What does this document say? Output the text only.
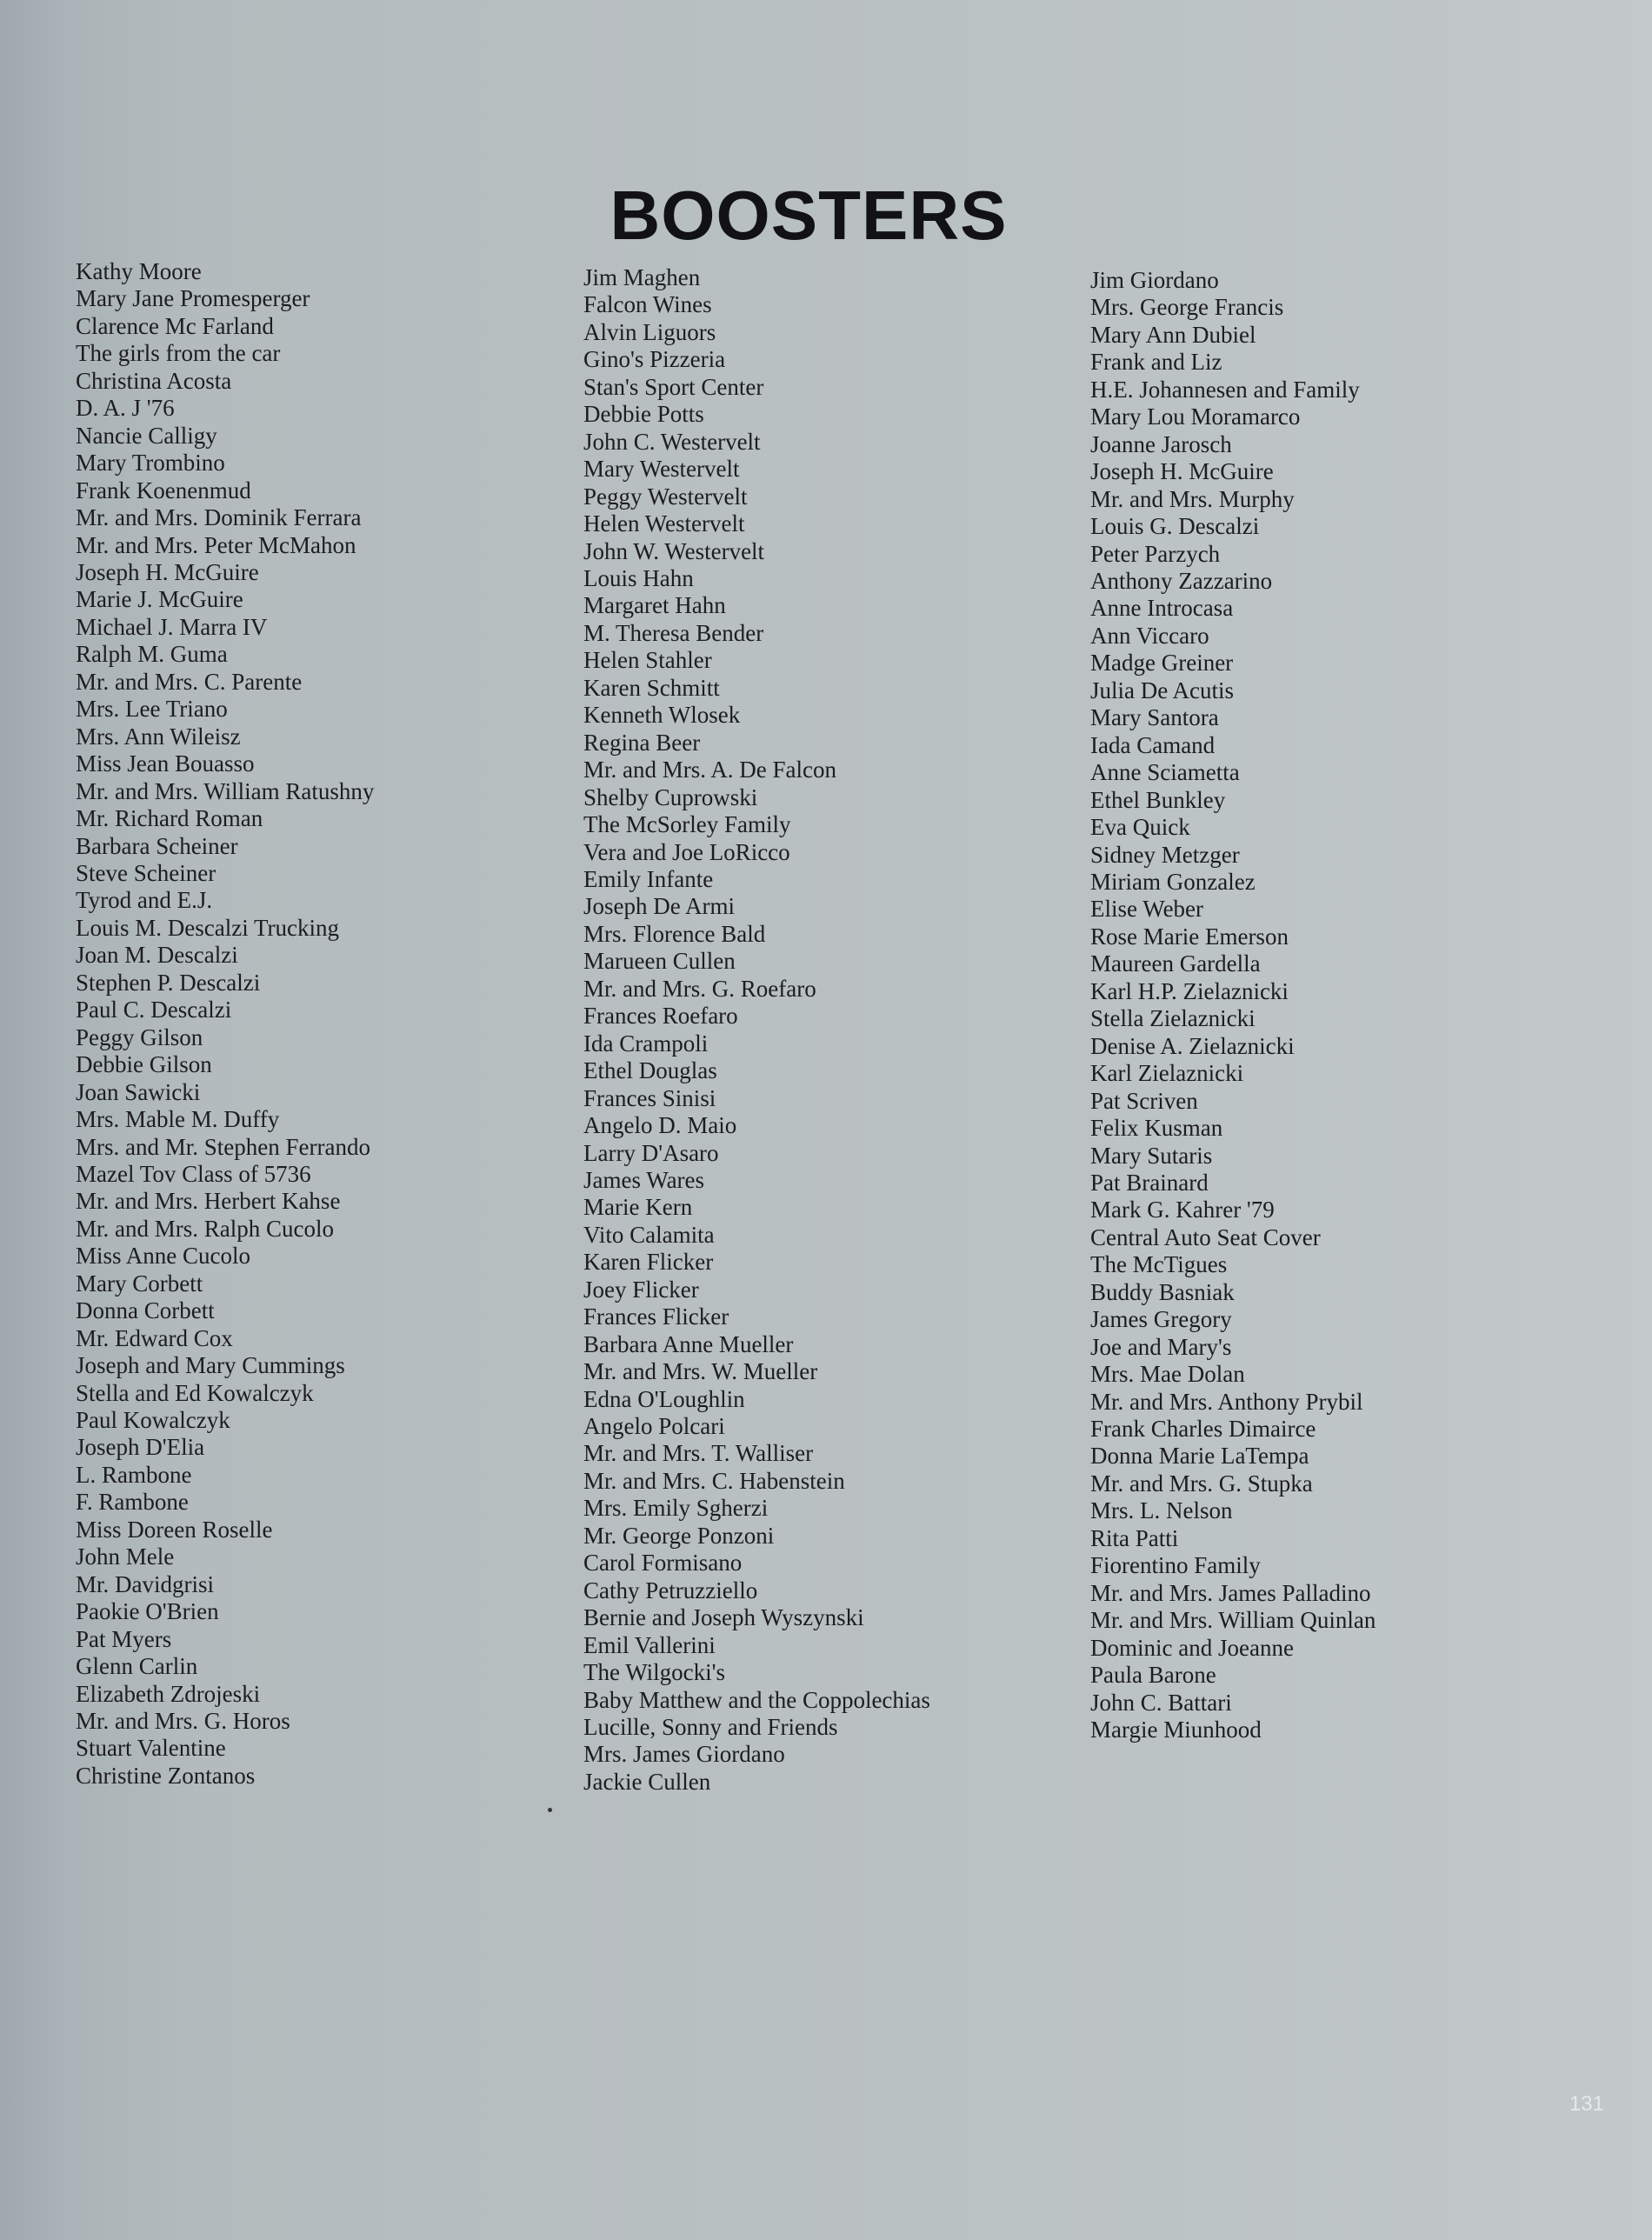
BOOSTERS
Kathy Moore
Mary Jane Promesperger
Clarence Mc Farland
The girls from the car
Christina Acosta
D. A. J '76
Nancie Calligy
Mary Trombino
Frank Koenenmud
Mr. and Mrs. Dominik Ferrara
Mr. and Mrs. Peter McMahon
Joseph H. McGuire
Marie J. McGuire
Michael J. Marra IV
Ralph M. Guma
Mr. and Mrs. C. Parente
Mrs. Lee Triano
Mrs. Ann Wileisz
Miss Jean Bouasso
Mr. and Mrs. William Ratushny
Mr. Richard Roman
Barbara Scheiner
Steve Scheiner
Tyrod and E.J.
Louis M. Descalzi Trucking
Joan M. Descalzi
Stephen P. Descalzi
Paul C. Descalzi
Peggy Gilson
Debbie Gilson
Joan Sawicki
Mrs. Mable M. Duffy
Mrs. and Mr. Stephen Ferrando
Mazel Tov Class of 5736
Mr. and Mrs. Herbert Kahse
Mr. and Mrs. Ralph Cucolo
Miss Anne Cucolo
Mary Corbett
Donna Corbett
Mr. Edward Cox
Joseph and Mary Cummings
Stella and Ed Kowalczyk
Paul Kowalczyk
Joseph D'Elia
L. Rambone
F. Rambone
Miss Doreen Roselle
John Mele
Mr. Davidgrisi
Paokie O'Brien
Pat Myers
Glenn Carlin
Elizabeth Zdrojeski
Mr. and Mrs. G. Horos
Stuart Valentine
Christine Zontanos
Jim Maghen
Falcon Wines
Alvin Liguors
Gino's Pizzeria
Stan's Sport Center
Debbie Potts
John C. Westervelt
Mary Westervelt
Peggy Westervelt
Helen Westervelt
John W. Westervelt
Louis Hahn
Margaret Hahn
M. Theresa Bender
Helen Stahler
Karen Schmitt
Kenneth Wlosek
Regina Beer
Mr. and Mrs. A. De Falcon
Shelby Cuprowski
The McSorley Family
Vera and Joe LoRicco
Emily Infante
Joseph De Armi
Mrs. Florence Bald
Marueen Cullen
Mr. and Mrs. G. Roefaro
Frances Roefaro
Ida Crampoli
Ethel Douglas
Frances Sinisi
Angelo D. Maio
Larry D'Asaro
James Wares
Marie Kern
Vito Calamita
Karen Flicker
Joey Flicker
Frances Flicker
Barbara Anne Mueller
Mr. and Mrs. W. Mueller
Edna O'Loughlin
Angelo Polcari
Mr. and Mrs. T. Walliser
Mr. and Mrs. C. Habenstein
Mrs. Emily Sgherzi
Mr. George Ponzoni
Carol Formisano
Cathy Petruzziello
Bernie and Joseph Wyszynski
Emil Vallerini
The Wilgocki's
Baby Matthew and the Coppolechias
Lucille, Sonny and Friends
Mrs. James Giordano
Jackie Cullen
Jim Giordano
Mrs. George Francis
Mary Ann Dubiel
Frank and Liz
H.E. Johannesen and Family
Mary Lou Moramarco
Joanne Jarosch
Joseph H. McGuire
Mr. and Mrs. Murphy
Louis G. Descalzi
Peter Parzych
Anthony Zazzarino
Anne Introcasa
Ann Viccaro
Madge Greiner
Julia De Acutis
Mary Santora
Iada Camand
Anne Sciametta
Ethel Bunkley
Eva Quick
Sidney Metzger
Miriam Gonzalez
Elise Weber
Rose Marie Emerson
Maureen Gardella
Karl H.P. Zielaznicki
Stella Zielaznicki
Denise A. Zielaznicki
Karl Zielaznicki
Pat Scriven
Felix Kusman
Mary Sutaris
Pat Brainard
Mark G. Kahrer '79
Central Auto Seat Cover
The McTigues
Buddy Basniak
James Gregory
Joe and Mary's
Mrs. Mae Dolan
Mr. and Mrs. Anthony Prybil
Frank Charles Dimairce
Donna Marie LaTempa
Mr. and Mrs. G. Stupka
Mrs. L. Nelson
Rita Patti
Fiorentino Family
Mr. and Mrs. James Palladino
Mr. and Mrs. William Quinlan
Dominic and Joeanne
Paula Barone
John C. Battari
Margie Miunhood
131
